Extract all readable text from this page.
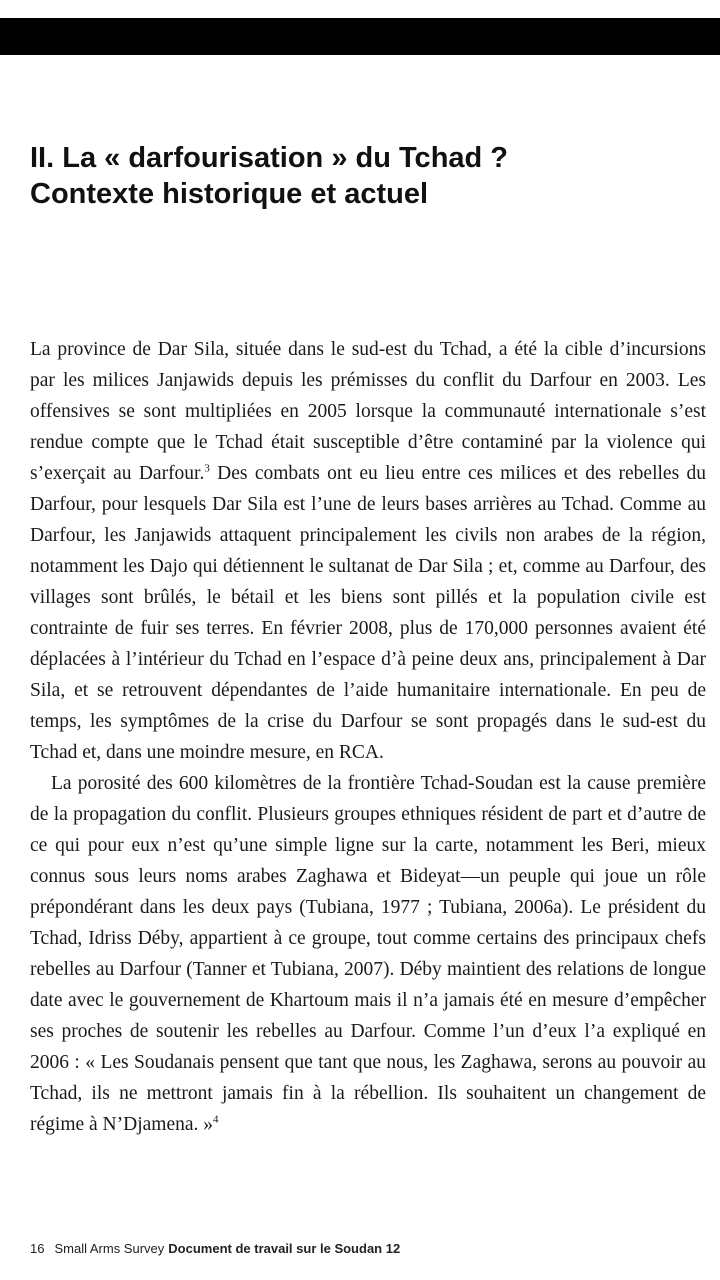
II. La « darfourisation » du Tchad ?
Contexte historique et actuel

La province de Dar Sila, située dans le sud-est du Tchad, a été la cible d’incursions par les milices Janjawids depuis les prémisses du conflit du Darfour en 2003. Les offensives se sont multipliées en 2005 lorsque la communauté internationale s’est rendue compte que le Tchad était susceptible d’être contaminé par la violence qui s’exerçait au Darfour.$^3$ Des combats ont eu lieu entre ces milices et des rebelles du Darfour, pour lesquels Dar Sila est l’une de leurs bases arrières au Tchad. Comme au Darfour, les Janjawids attaquent principalement les civils non arabes de la région, notamment les Dajo qui détiennent le sultanat de Dar Sila ; et, comme au Darfour, des villages sont brûlés, le bétail et les biens sont pillés et la population civile est contrainte de fuir ses terres. En février 2008, plus de 170,000 personnes avaient été déplacées à l’intérieur du Tchad en l’espace d’à peine deux ans, principalement à Dar Sila, et se retrouvent dépendantes de l’aide humanitaire internationale. En peu de temps, les symptômes de la crise du Darfour se sont propagés dans le sud-est du Tchad et, dans une moindre mesure, en RCA.

La porosité des 600 kilomètres de la frontière Tchad-Soudan est la cause première de la propagation du conflit. Plusieurs groupes ethniques résident de part et d’autre de ce qui pour eux n’est qu’une simple ligne sur la carte, notamment les Beri, mieux connus sous leurs noms arabes Zaghawa et Bideyat—un peuple qui joue un rôle prépondérant dans les deux pays (Tubiana, 1977 ; Tubiana, 2006a). Le président du Tchad, Idriss Déby, appartient à ce groupe, tout comme certains des principaux chefs rebelles au Darfour (Tanner et Tubiana, 2007). Déby maintient des relations de longue date avec le gouvernement de Khartoum mais il n’a jamais été en mesure d’empêcher ses proches de soutenir les rebelles au Darfour. Comme l’un d’eux l’a expliqué en 2006 : « Les Soudanais pensent que tant que nous, les Zaghawa, serons au pouvoir au Tchad, ils ne mettront jamais fin à la rébellion. Ils souhaitent un changement de régime à N’Djamena. »$^4$

16 Small Arms Survey Document de travail sur le Soudan 12
